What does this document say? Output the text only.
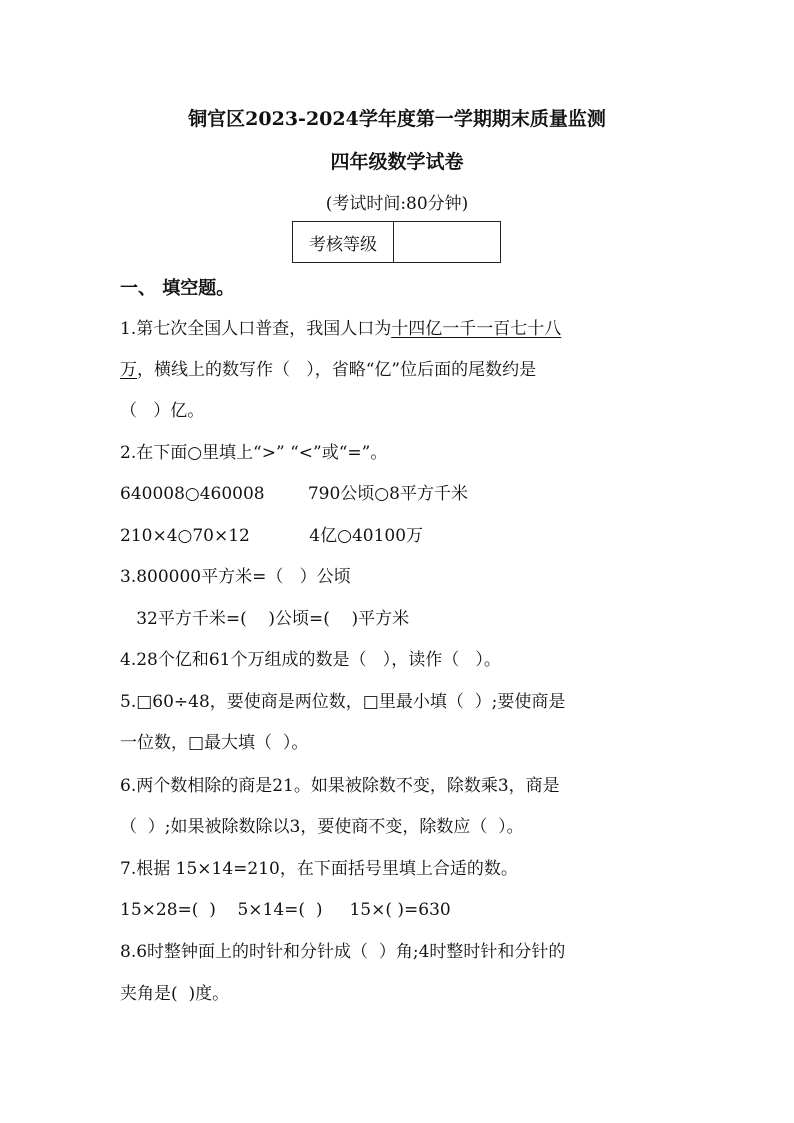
铜官区2023-2024学年度第一学期期末质量监测
四年级数学试卷
(考试时间:80分钟)
考核等级	
一、 填空题。
1.第七次全国人口普查，我国人口为十四亿一千一百七十八
万，横线上的数写作（   ），省略“亿”位后面的尾数约是
（   ）亿。
2.在下面○里填上“>” “<”或“=”。
640008○460008        790公顷○8平方千米
210×4○70×12           4亿○40100万
3.800000平方米=（   ）公顷
32平方千米=(    )公顷=(    )平方米
4.28个亿和61个万组成的数是（   ），读作（   ）。
5.□60÷48，要使商是两位数，□里最小填（  ）;要使商是
一位数，□最大填（  ）。
6.两个数相除的商是21。如果被除数不变，除数乘3，商是
（  ）;如果被除数除以3，要使商不变，除数应（  ）。
7.根据 15×14=210，在下面括号里填上合适的数。
15×28=(  )    5×14=(  )     15×( )=630
8.6时整钟面上的时针和分针成（  ）角;4时整时针和分针的
夹角是(  )度。
